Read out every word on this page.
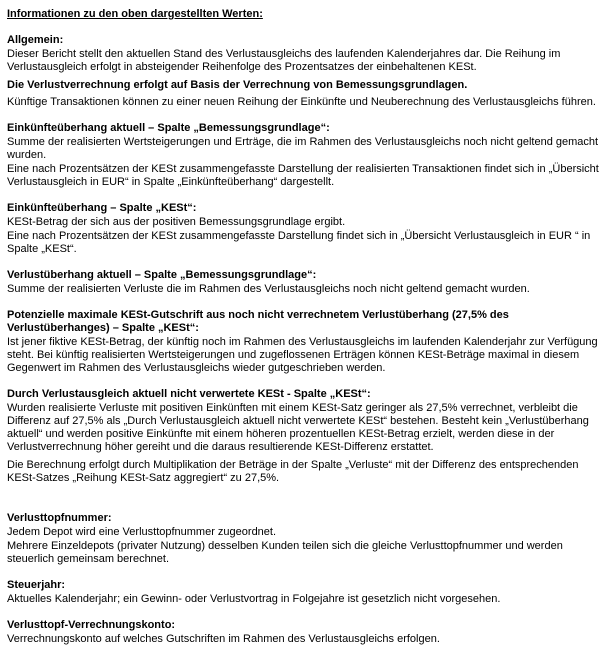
Informationen zu den oben dargestellten Werten:
Allgemein:

Dieser Bericht stellt den aktuellen Stand des Verlustausgleichs des laufenden Kalenderjahres dar. Die Reihung im Verlustausgleich erfolgt in absteigender Reihenfolge des Prozentsatzes der einbehaltenen KESt.

Die Verlustverrechnung erfolgt auf Basis der Verrechnung von Bemessungsgrundlagen.

Künftige Transaktionen können zu einer neuen Reihung der Einkünfte und Neuberechnung des Verlustausgleichs führen.

Einkünfteüberhang aktuell – Spalte „Bemessungsgrundlage“:

Summe der realisierten Wertsteigerungen und Erträge, die im Rahmen des Verlustausgleichs noch nicht geltend gemacht wurden.

Eine nach Prozentsätzen der KESt zusammengefasste Darstellung der realisierten Transaktionen findet sich in „Übersicht Verlustausgleich in EUR“ in Spalte „Einkünfteüberhang“ dargestellt.

Einkünfteüberhang – Spalte „KESt“:

KESt-Betrag der sich aus der positiven Bemessungsgrundlage ergibt.

Eine nach Prozentsätzen der KESt zusammengefasste Darstellung findet sich in „Übersicht Verlustausgleich in EUR “ in Spalte „KESt“.

Verlustüberhang aktuell – Spalte „Bemessungsgrundlage“:

Summe der realisierten Verluste die im Rahmen des Verlustausgleichs noch nicht geltend gemacht wurden.

Potenzielle maximale KESt-Gutschrift aus noch nicht verrechnetem Verlustüberhang (27,5% des Verlustüberhanges) – Spalte „KESt“:

Ist jener fiktive KESt-Betrag, der künftig noch im Rahmen des Verlustausgleichs im laufenden Kalenderjahr zur Verfügung steht. Bei künftig realisierten Wertsteigerungen und zugeflossenen Erträgen können KESt-Beträge maximal in diesem Gegenwert im Rahmen des Verlustausgleichs wieder gutgeschrieben werden.

Durch Verlustausgleich aktuell nicht verwertete KESt - Spalte „KESt“:

Wurden realisierte Verluste mit positiven Einkünften mit einem KESt-Satz geringer als 27,5% verrechnet, verbleibt die Differenz auf 27,5% als „Durch Verlustausgleich aktuell nicht verwertete KESt“ bestehen. Besteht kein „Verlustüberhang aktuell“ und werden positive Einkünfte mit einem höheren prozentuellen KESt-Betrag erzielt, werden diese in der Verlustverrechnung höher gereiht und die daraus resultierende KESt-Differenz erstattet.

Die Berechnung erfolgt durch Multiplikation der Beträge in der Spalte „Verluste“ mit der Differenz des entsprechenden KESt-Satzes „Reihung KESt-Satz aggregiert“ zu 27,5%.

Verlusttopfnummer:

Jedem Depot wird eine Verlusttopfnummer zugeordnet.

Mehrere Einzeldepots (privater Nutzung) desselben Kunden teilen sich die gleiche Verlusttopfnummer und werden steuerlich gemeinsam berechnet.

Steuerjahr:

Aktuelles Kalenderjahr; ein Gewinn- oder Verlustvortrag in Folgejahre ist gesetzlich nicht vorgesehen.

Verlusttopf-Verrechnungskonto:

Verrechnungskonto auf welches Gutschriften im Rahmen des Verlustausgleichs erfolgen.
